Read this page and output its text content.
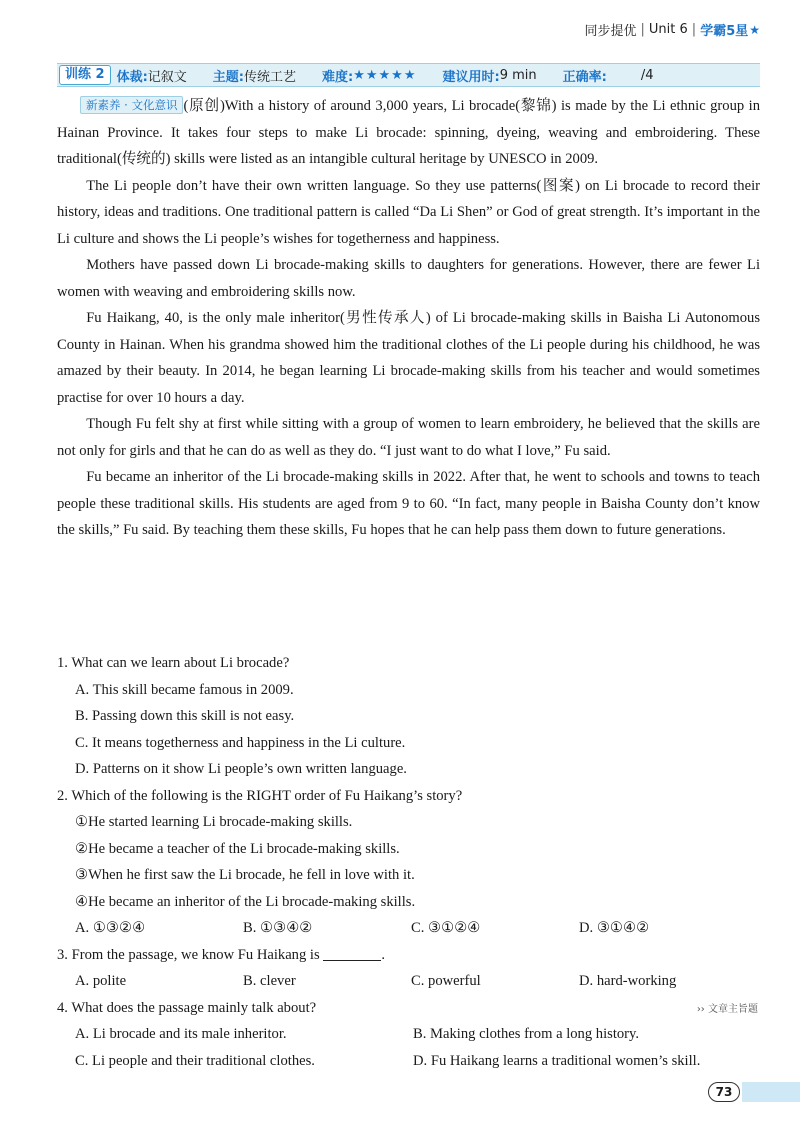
同步提优 | Unit 6 | 学霸5星 ★
训练 2 体裁: 记叙文 主题: 传统工艺 难度: ★★★★★ 建议用时: 9 min 正确率:	/4

新素养 · 文化意识 (原创)With a history of around 3,000 years, Li brocade(黎锦) is made by the Li ethnic group in Hainan Province. It takes four steps to make Li brocade: spinning, dyeing, weaving and embroidering. These traditional(传统的) skills were listed as an intangible cultural heritage by UNESCO in 2009.

The Li people don’t have their own written language. So they use patterns(图案) on Li brocade to record their history, ideas and traditions. One traditional pattern is called “Da Li Shen” or God of great strength. It’s important in the Li culture and shows the Li people’s wishes for togetherness and happiness.

Mothers have passed down Li brocade-making skills to daughters for generations. However, there are fewer Li women with weaving and embroidering skills now.

Fu Haikang, 40, is the only male inheritor(男性传承人) of Li brocade-making skills in Baisha Li Autonomous County in Hainan. When his grandma showed him the traditional clothes of the Li people during his childhood, he was amazed by their beauty. In 2014, he began learning Li brocade-making skills from his teacher and would sometimes practise for over 10 hours a day.

Though Fu felt shy at first while sitting with a group of women to learn embroidery, he believed that the skills are not only for girls and that he can do as well as they do. “I just want to do what I love,” Fu said.

Fu became an inheritor of the Li brocade-making skills in 2022. After that, he went to schools and towns to teach people these traditional skills. His students are aged from 9 to 60. “In fact, many people in Baisha County don’t know the skills,” Fu said. By teaching them these skills, Fu hopes that he can help pass them down to future generations.

1. What can we learn about Li brocade?
A. This skill became famous in 2009.
B. Passing down this skill is not easy.
C. It means togetherness and happiness in the Li culture.
D. Patterns on it show Li people’s own written language.
2. Which of the following is the RIGHT order of Fu Haikang’s story?
①He started learning Li brocade-making skills.
②He became a teacher of the Li brocade-making skills.
③When he first saw the Li brocade, he fell in love with it.
④He became an inheritor of the Li brocade-making skills.
A. ①③②④	B. ①③④②	C. ③①②④	D. ③①④②
3. From the passage, we know Fu Haikang is	.
A. polite	B. clever	C. powerful	D. hard-working
4. What does the passage mainly talk about?	›› 文章主旨题
A. Li brocade and its male inheritor.	B. Making clothes from a long history.
C. Li people and their traditional clothes.	D. Fu Haikang learns a traditional women’s skill.
73
